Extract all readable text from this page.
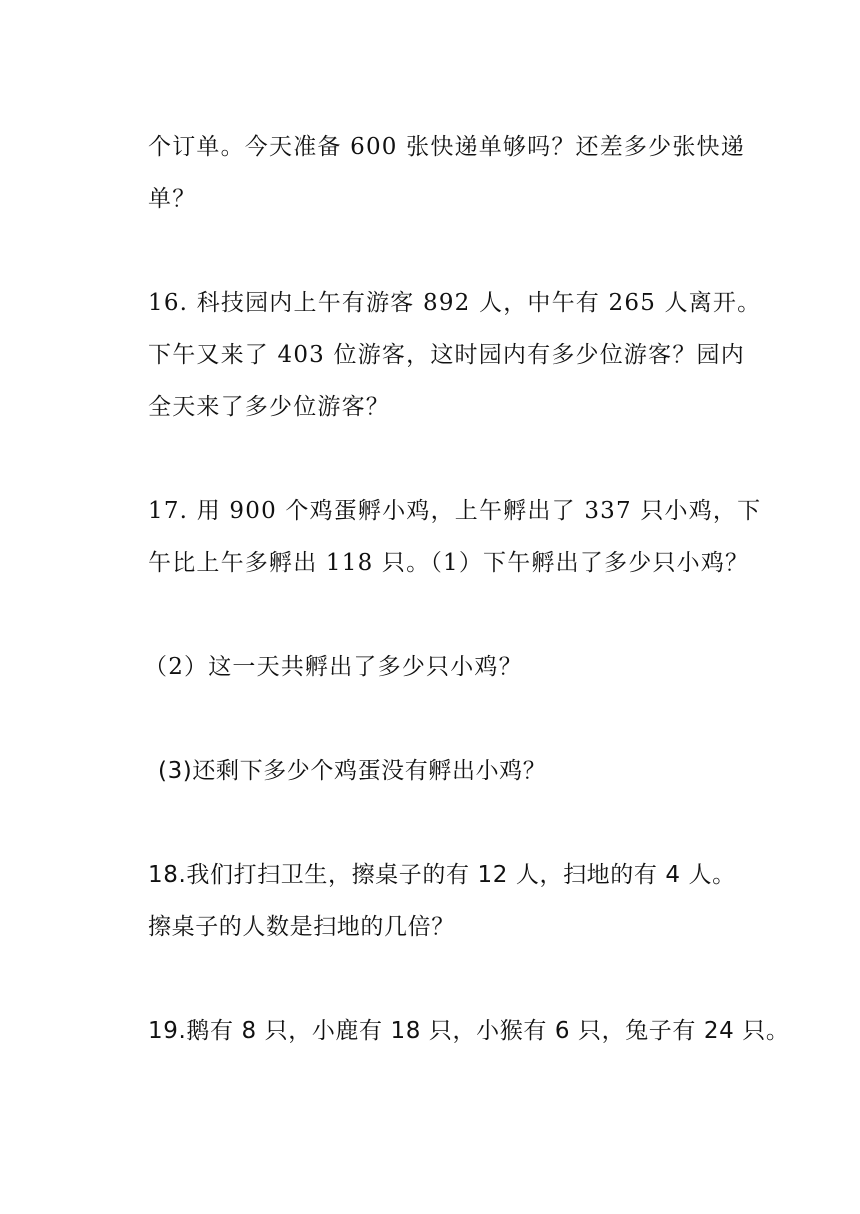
个订单。今天准备 600 张快递单够吗？还差多少张快递
单？
16. 科技园内上午有游客 892 人，中午有 265 人离开。
下午又来了 403 位游客，这时园内有多少位游客？园内
全天来了多少位游客？
17. 用 900 个鸡蛋孵小鸡，上午孵出了 337 只小鸡，下
午比上午多孵出 118 只。（1）下午孵出了多少只小鸡？
（2）这一天共孵出了多少只小鸡？
(3)还剩下多少个鸡蛋没有孵出小鸡？
18.我们打扫卫生，擦桌子的有 12 人，扫地的有 4 人。
擦桌子的人数是扫地的几倍？
19.鹅有 8 只，小鹿有 18 只，小猴有 6 只，兔子有 24 只。
